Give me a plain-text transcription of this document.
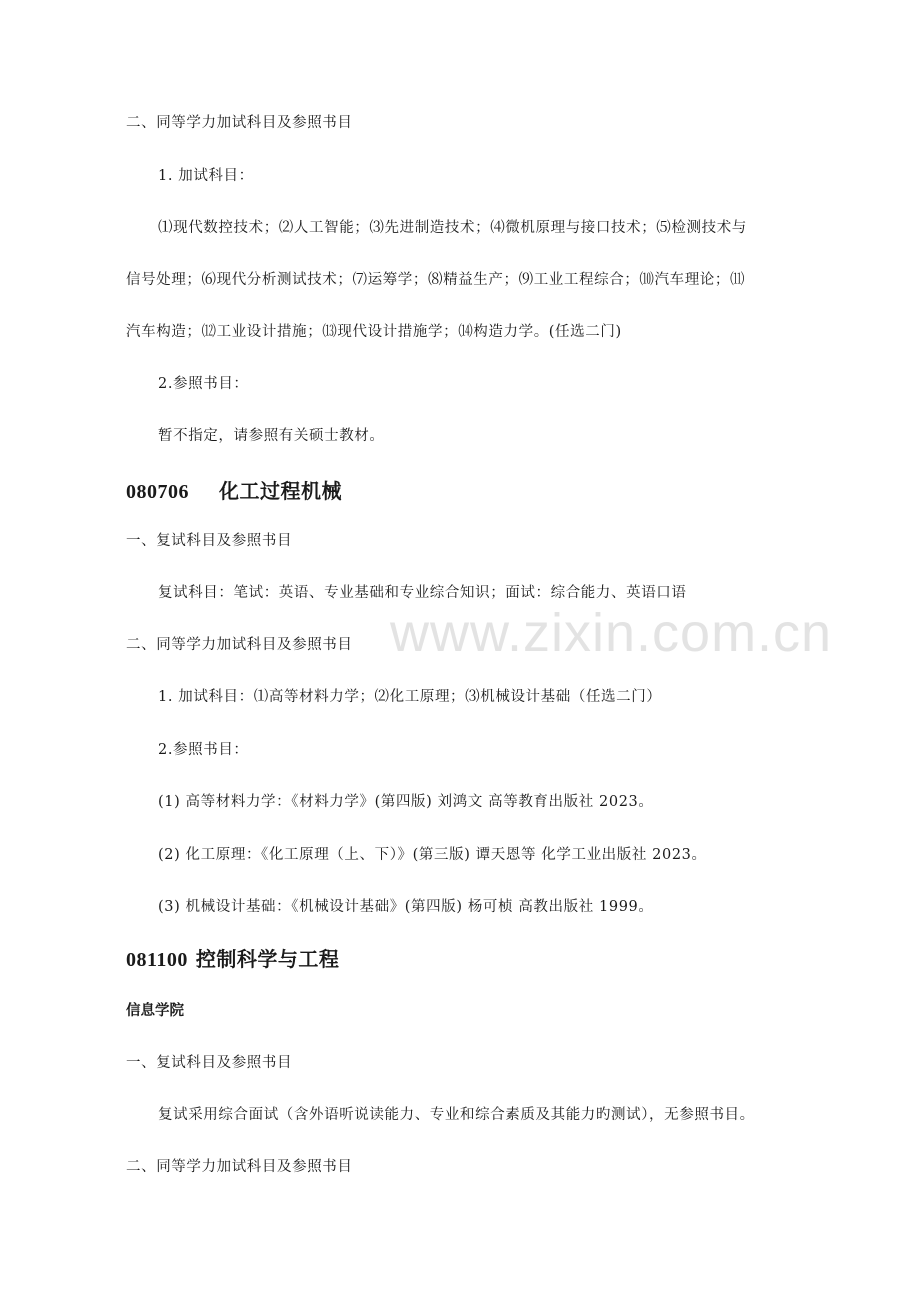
www.zixin.com.cn
二、同等学力加试科目及参照书目
1. 加试科目：
⑴现代数控技术；⑵人工智能；⑶先进制造技术；⑷微机原理与接口技术；⑸检测技术与
信号处理；⑹现代分析测试技术；⑺运筹学；⑻精益生产；⑼工业工程综合；⑽汽车理论；⑾
汽车构造；⑿工业设计措施；⒀现代设计措施学；⒁构造力学。(任选二门)
2.参照书目：
暂不指定，请参照有关硕士教材。
080706 化工过程机械
一、复试科目及参照书目
复试科目：笔试：英语、专业基础和专业综合知识；面试：综合能力、英语口语
二、同等学力加试科目及参照书目
1. 加试科目：⑴高等材料力学；⑵化工原理；⑶机械设计基础（任选二门）
2.参照书目：
(1) 高等材料力学：《材料力学》(第四版) 刘鸿文 高等教育出版社 2023。
(2) 化工原理：《化工原理（上、下）》(第三版) 谭天恩等 化学工业出版社 2023。
(3) 机械设计基础：《机械设计基础》(第四版) 杨可桢 高教出版社 1999。
081100 控制科学与工程
信息学院
一、复试科目及参照书目
复试采用综合面试（含外语听说读能力、专业和综合素质及其能力旳测试），无参照书目。
二、同等学力加试科目及参照书目
